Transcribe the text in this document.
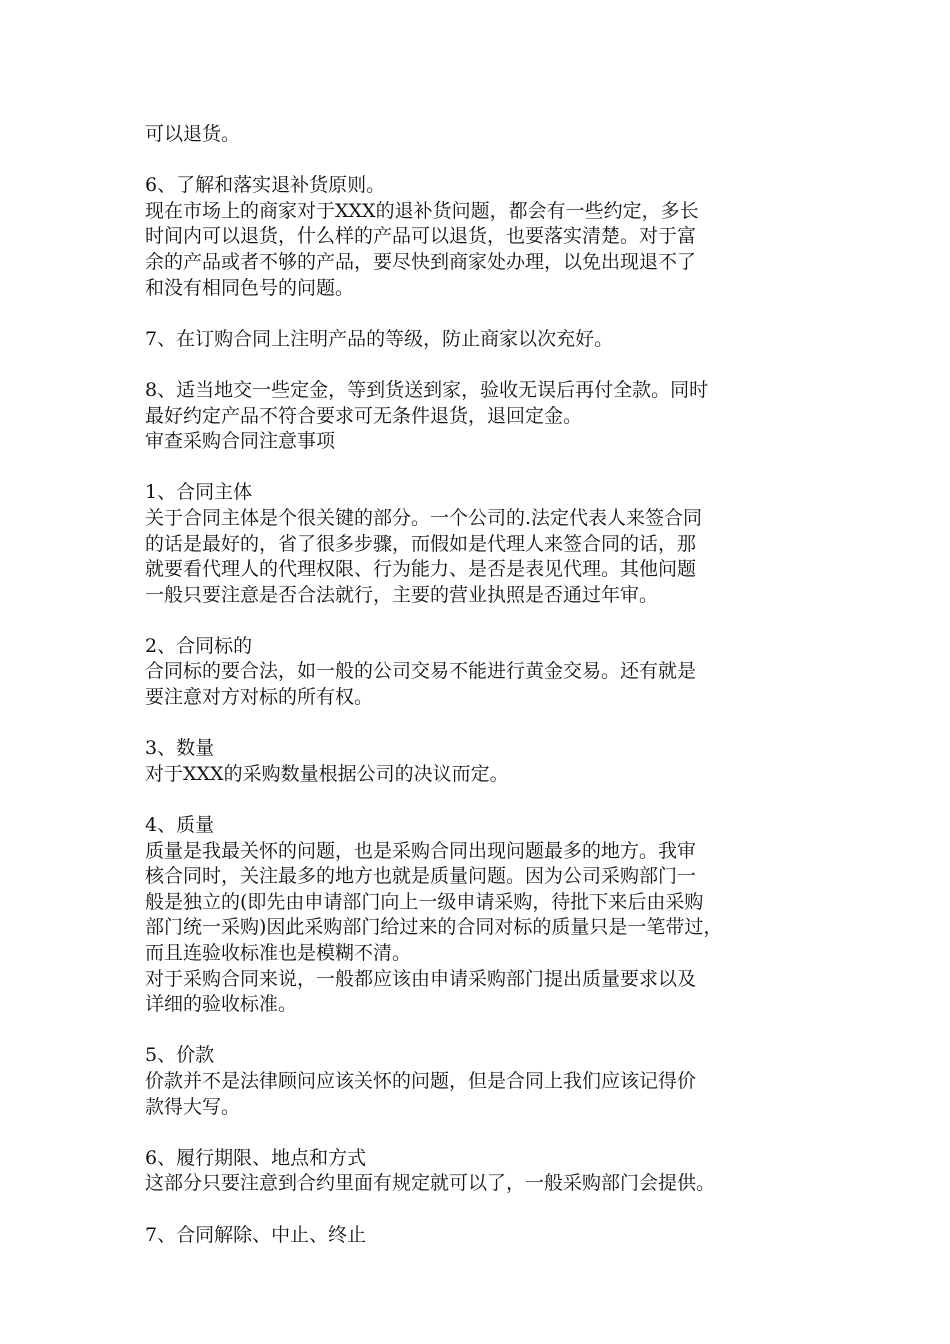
可以退货。
6、了解和落实退补货原则。
现在市场上的商家对于XXX的退补货问题，都会有一些约定，多长
时间内可以退货，什么样的产品可以退货，也要落实清楚。对于富
余的产品或者不够的产品，要尽快到商家处办理，以免出现退不了
和没有相同色号的问题。
7、在订购合同上注明产品的等级，防止商家以次充好。
8、适当地交一些定金，等到货送到家，验收无误后再付全款。同时
最好约定产品不符合要求可无条件退货，退回定金。
审查采购合同注意事项
1、合同主体
关于合同主体是个很关键的部分。一个公司的.法定代表人来签合同
的话是最好的，省了很多步骤，而假如是代理人来签合同的话，那
就要看代理人的代理权限、行为能力、是否是表见代理。其他问题
一般只要注意是否合法就行，主要的营业执照是否通过年审。
2、合同标的
合同标的要合法，如一般的公司交易不能进行黄金交易。还有就是
要注意对方对标的所有权。
3、数量
对于XXX的采购数量根据公司的决议而定。
4、质量
质量是我最关怀的问题，也是采购合同出现问题最多的地方。我审
核合同时，关注最多的地方也就是质量问题。因为公司采购部门一
般是独立的(即先由申请部门向上一级申请采购，待批下来后由采购
部门统一采购)因此采购部门给过来的合同对标的质量只是一笔带过，
而且连验收标准也是模糊不清。
对于采购合同来说，一般都应该由申请采购部门提出质量要求以及
详细的验收标准。
5、价款
价款并不是法律顾问应该关怀的问题，但是合同上我们应该记得价
款得大写。
6、履行期限、地点和方式
这部分只要注意到合约里面有规定就可以了，一般采购部门会提供。
7、合同解除、中止、终止
